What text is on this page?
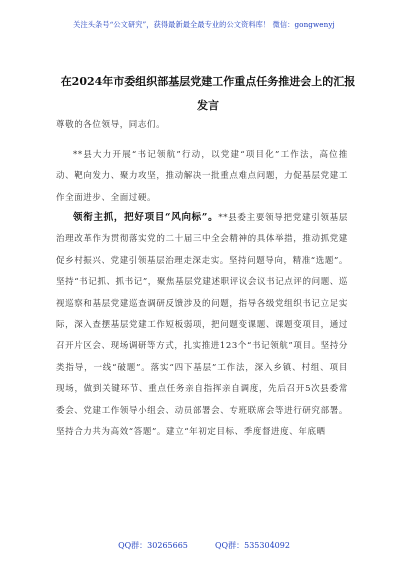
关注头条号“公文研究”，获得最新最全最专业的公文资料库！ 微信：gongwenyj
在2024年市委组织部基层党建工作重点任务推进会上的汇报发言
尊敬的各位领导，同志们。
**县大力开展“书记领航”行动，以党建“项目化”工作法，高位推动、靶向发力、聚力攻坚，推动解决一批重点难点问题，力促基层党建工作全面进步、全面过硬。
领衔主抓，把好项目“风向标”。**县委主要领导把党建引领基层治理改革作为贯彻落实党的二十届三中全会精神的具体举措，推动抓党建促乡村振兴、党建引领基层治理走深走实。坚持问题导向，精准“选题”。坚持“书记抓、抓书记”，聚焦基层党建述职评议会议书记点评的问题、巡视巡察和基层党建巡查调研反馈涉及的问题，指导各级党组织书记立足实际，深入查摆基层党建工作短板弱项，把问题变课题、课题变项目，通过召开片区会、现场调研等方式，扎实推进123个“书记领航”项目。坚持分类指导，一线“破题”。落实“四下基层”工作法，深入乡镇、村组、项目现场，做到关键环节、重点任务亲自指挥亲自调度，先后召开5次县委常委会、党建工作领导小组会、动员部署会、专班联席会等进行研究部署。坚持合力共为高效“答题”。建立“年初定目标、季度督进度、年底晒
QQ群：30265665	QQ群：535304092
